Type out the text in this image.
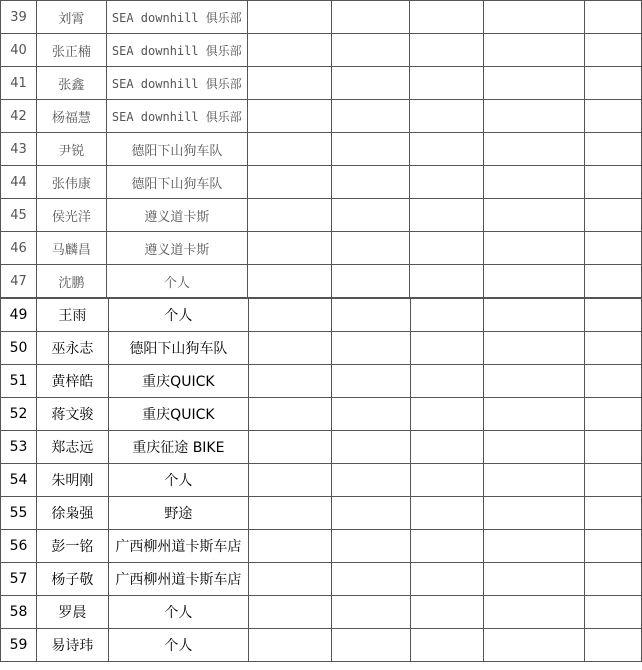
39	刘霄	SEA downhill 俱乐部					
40	张正楠	SEA downhill 俱乐部					
41	张鑫	SEA downhill 俱乐部					
42	杨福慧	SEA downhill 俱乐部					
43	尹锐	德阳下山狗车队					
44	张伟康	德阳下山狗车队					
45	侯光洋	遵义道卡斯					
46	马麟昌	遵义道卡斯					
47	沈鹏	个人					
49	王雨	个人					
50	巫永志	德阳下山狗车队					
51	黄梓皓	重庆QUICK					
52	蒋文骏	重庆QUICK					
53	郑志远	重庆征途 BIKE					
54	朱明刚	个人					
55	徐枭强	野途					
56	彭一铭	广西柳州道卡斯车店					
57	杨子敬	广西柳州道卡斯车店					
58	罗晨	个人					
59	易诗玮	个人					
